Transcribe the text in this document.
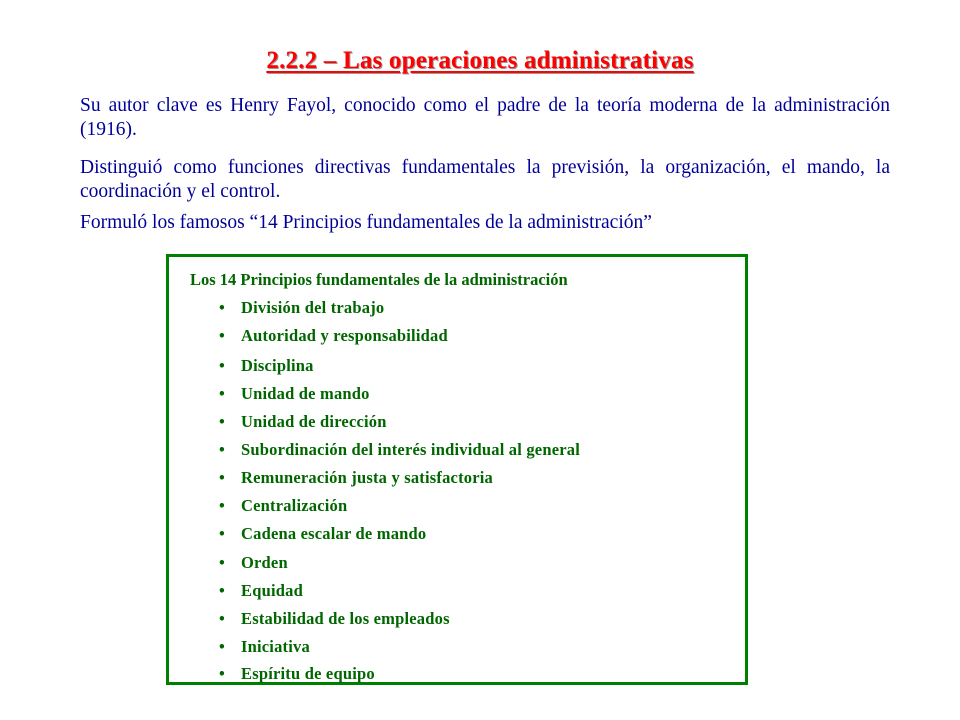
2.2.2 – Las operaciones administrativas

Su autor clave es Henry Fayol, conocido como el padre de la teoría moderna de la administración (1916).

Distinguió como funciones directivas fundamentales la previsión, la organización, el mando, la coordinación y el control.

Formuló los famosos “14 Principios fundamentales de la administración”

Los 14 Principios fundamentales de la administración
• División del trabajo
• Autoridad y responsabilidad
• Disciplina
• Unidad de mando
• Unidad de dirección
• Subordinación del interés individual al general
• Remuneración justa y satisfactoria
• Centralización
• Cadena escalar de mando
• Orden
• Equidad
• Estabilidad de los empleados
• Iniciativa
• Espíritu de equipo
